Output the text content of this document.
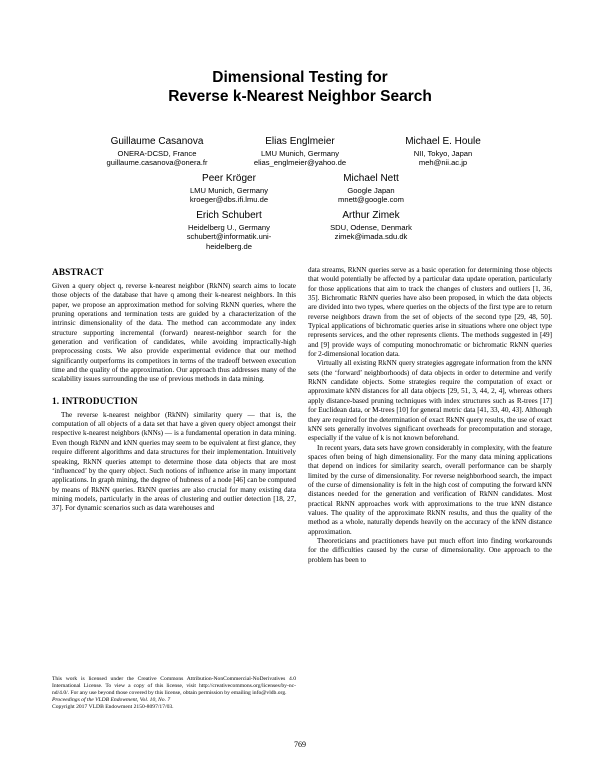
Dimensional Testing for
Reverse k-Nearest Neighbor Search
Guillaume Casanova
ONERA-DCSD, France
guillaume.casanova@onera.fr
Elias Englmeier
LMU Munich, Germany
elias_englmeier@yahoo.de
Michael E. Houle
NII, Tokyo, Japan
meh@nii.ac.jp
Peer Kröger
LMU Munich, Germany
kroeger@dbs.ifi.lmu.de
Michael Nett
Google Japan
mnett@google.com
Erich Schubert
Heidelberg U., Germany
schubert@informatik.uni-
heidelberg.de
Arthur Zimek
SDU, Odense, Denmark
zimek@imada.sdu.dk
ABSTRACT

Given a query object q, reverse k-nearest neighbor (RkNN) search aims to locate those objects of the database that have q among their k-nearest neighbors. In this paper, we propose an approximation method for solving RkNN queries, where the pruning operations and termination tests are guided by a characterization of the intrinsic dimensionality of the data. The method can accommodate any index structure supporting incremental (forward) nearest-neighbor search for the generation and verification of candidates, while avoiding impractically-high preprocessing costs. We also provide experimental evidence that our method significantly outperforms its competitors in terms of the tradeoff between execution time and the quality of the approximation. Our approach thus addresses many of the scalability issues surrounding the use of previous methods in data mining.

1. INTRODUCTION

The reverse k-nearest neighbor (RkNN) similarity query — that is, the computation of all objects of a data set that have a given query object amongst their respective k-nearest neighbors (kNNs) — is a fundamental operation in data mining. Even though RkNN and kNN queries may seem to be equivalent at first glance, they require different algorithms and data structures for their implementation. Intuitively speaking, RkNN queries attempt to determine those data objects that are most ‘influenced’ by the query object. Such notions of influence arise in many important applications. In graph mining, the degree of hubness of a node [46] can be computed by means of RkNN queries. RkNN queries are also crucial for many existing data mining models, particularly in the areas of clustering and outlier detection [18, 27, 37]. For dynamic scenarios such as data warehouses and

This work is licensed under the Creative Commons Attribution-NonCommercial-NoDerivatives 4.0 International License. To view a copy of this license, visit http://creativecommons.org/licenses/by-nc-nd/4.0/. For any use beyond those covered by this license, obtain permission by emailing info@vldb.org.

Proceedings of the VLDB Endowment, Vol. 10, No. 7

Copyright 2017 VLDB Endowment 2150-8097/17/03.

data streams, RkNN queries serve as a basic operation for determining those objects that would potentially be affected by a particular data update operation, particularly for those applications that aim to track the changes of clusters and outliers [1, 36, 35]. Bichromatic RkNN queries have also been proposed, in which the data objects are divided into two types, where queries on the objects of the first type are to return reverse neighbors drawn from the set of objects of the second type [29, 48, 50]. Typical applications of bichromatic queries arise in situations where one object type represents services, and the other represents clients. The methods suggested in [49] and [9] provide ways of computing monochromatic or bichromatic RkNN queries for 2-dimensional location data.

Virtually all existing RkNN query strategies aggregate information from the kNN sets (the ‘forward’ neighborhoods) of data objects in order to determine and verify RkNN candidate objects. Some strategies require the computation of exact or approximate kNN distances for all data objects [29, 51, 3, 44, 2, 4], whereas others apply distance-based pruning techniques with index structures such as R-trees [17] for Euclidean data, or M-trees [10] for general metric data [41, 33, 40, 43]. Although they are required for the determination of exact RkNN query results, the use of exact kNN sets generally involves significant overheads for precomputation and storage, especially if the value of k is not known beforehand.

In recent years, data sets have grown considerably in complexity, with the feature spaces often being of high dimensionality. For the many data mining applications that depend on indices for similarity search, overall performance can be sharply limited by the curse of dimensionality. For reverse neighborhood search, the impact of the curse of dimensionality is felt in the high cost of computing the forward kNN distances needed for the generation and verification of RkNN candidates. Most practical RkNN approaches work with approximations to the true kNN distance values. The quality of the approximate RkNN results, and thus the quality of the method as a whole, naturally depends heavily on the accuracy of the kNN distance approximation.

Theoreticians and practitioners have put much effort into finding workarounds for the difficulties caused by the curse of dimensionality. One approach to the problem has been to

769
